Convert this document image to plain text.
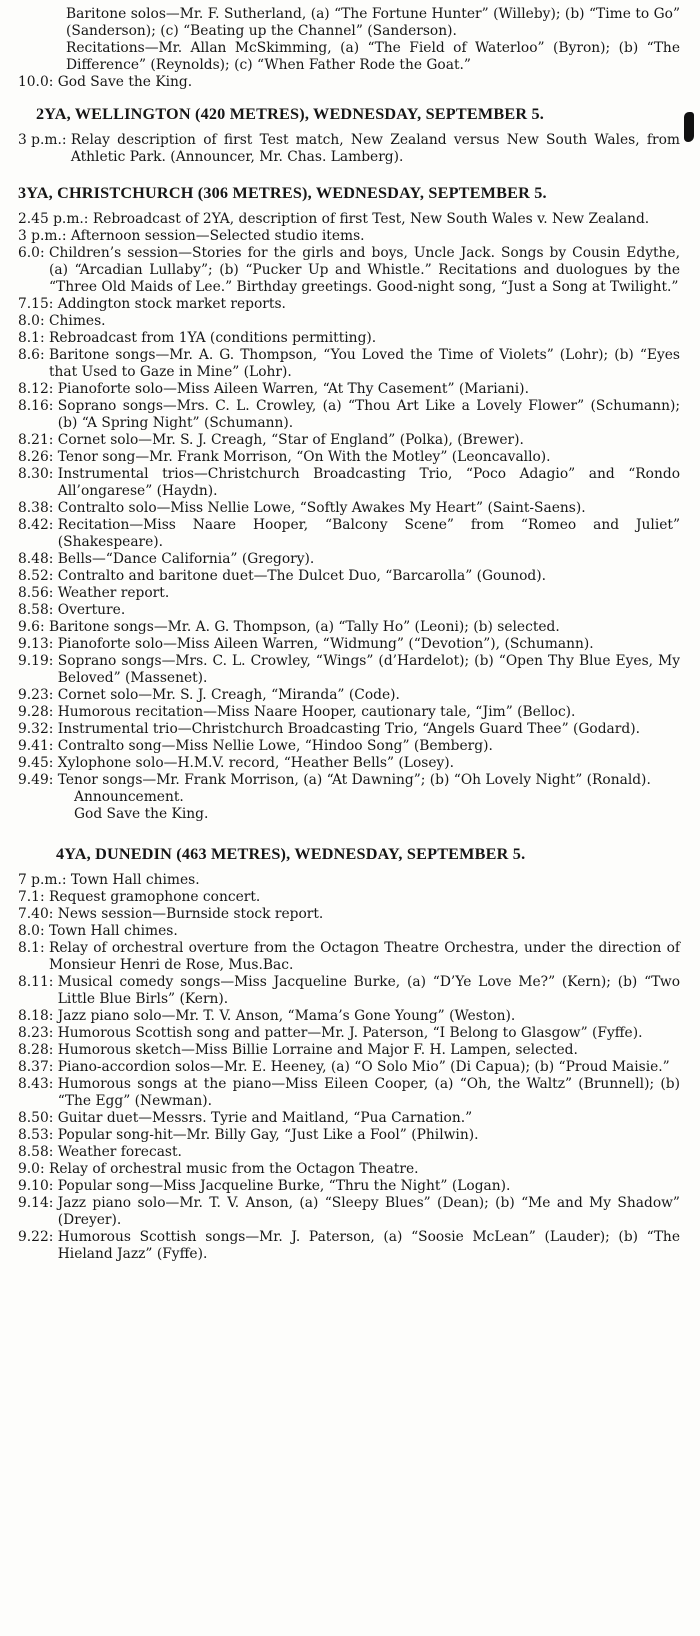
Baritone solos—Mr. F. Sutherland, (a) “The Fortune Hunter” (Willeby); (b) “Time to Go” (Sanderson); (c) “Beating up the Channel” (Sanderson).
Recitations—Mr. Allan McSkimming, (a) “The Field of Waterloo” (Byron); (b) “The Difference” (Reynolds); (c) “When Father Rode the Goat.”
10.0: God Save the King.
2YA, WELLINGTON (420 METRES), WEDNESDAY, SEPTEMBER 5.
3 p.m.: Relay description of first Test match, New Zealand versus New South Wales, from Athletic Park. (Announcer, Mr. Chas. Lamberg).
3YA, CHRISTCHURCH (306 METRES), WEDNESDAY, SEPTEMBER 5.
2.45 p.m.: Rebroadcast of 2YA, description of first Test, New South Wales v. New Zealand.
3 p.m.: Afternoon session—Selected studio items.
6.0: Children’s session—Stories for the girls and boys, Uncle Jack. Songs by Cousin Edythe, (a) “Arcadian Lullaby”; (b) “Pucker Up and Whistle.” Recitations and duologues by the “Three Old Maids of Lee.” Birthday greetings. Good-night song, “Just a Song at Twilight.”
7.15: Addington stock market reports.
8.0: Chimes.
8.1: Rebroadcast from 1YA (conditions permitting).
8.6: Baritone songs—Mr. A. G. Thompson, “You Loved the Time of Violets” (Lohr); (b) “Eyes that Used to Gaze in Mine” (Lohr).
8.12: Pianoforte solo—Miss Aileen Warren, “At Thy Casement” (Mariani).
8.16: Soprano songs—Mrs. C. L. Crowley, (a) “Thou Art Like a Lovely Flower” (Schumann); (b) “A Spring Night” (Schumann).
8.21: Cornet solo—Mr. S. J. Creagh, “Star of England” (Polka), (Brewer).
8.26: Tenor song—Mr. Frank Morrison, “On With the Motley” (Leoncavallo).
8.30: Instrumental trios—Christchurch Broadcasting Trio, “Poco Adagio” and “Rondo All’ongarese” (Haydn).
8.38: Contralto solo—Miss Nellie Lowe, “Softly Awakes My Heart” (Saint-Saens).
8.42: Recitation—Miss Naare Hooper, “Balcony Scene” from “Romeo and Juliet” (Shakespeare).
8.48: Bells—“Dance California” (Gregory).
8.52: Contralto and baritone duet—The Dulcet Duo, “Barcarolla” (Gounod).
8.56: Weather report.
8.58: Overture.
9.6: Baritone songs—Mr. A. G. Thompson, (a) “Tally Ho” (Leoni); (b) selected.
9.13: Pianoforte solo—Miss Aileen Warren, “Widmung” (“Devotion”), (Schumann).
9.19: Soprano songs—Mrs. C. L. Crowley, “Wings” (d’Hardelot); (b) “Open Thy Blue Eyes, My Beloved” (Massenet).
9.23: Cornet solo—Mr. S. J. Creagh, “Miranda” (Code).
9.28: Humorous recitation—Miss Naare Hooper, cautionary tale, “Jim” (Belloc).
9.32: Instrumental trio—Christchurch Broadcasting Trio, “Angels Guard Thee” (Godard).
9.41: Contralto song—Miss Nellie Lowe, “Hindoo Song” (Bemberg).
9.45: Xylophone solo—H.M.V. record, “Heather Bells” (Losey).
9.49: Tenor songs—Mr. Frank Morrison, (a) “At Dawning”; (b) “Oh Lovely Night” (Ronald).
Announcement.
God Save the King.
4YA, DUNEDIN (463 METRES), WEDNESDAY, SEPTEMBER 5.
7 p.m.: Town Hall chimes.
7.1: Request gramophone concert.
7.40: News session—Burnside stock report.
8.0: Town Hall chimes.
8.1: Relay of orchestral overture from the Octagon Theatre Orchestra, under the direction of Monsieur Henri de Rose, Mus.Bac.
8.11: Musical comedy songs—Miss Jacqueline Burke, (a) “D’Ye Love Me?” (Kern); (b) “Two Little Blue Birls” (Kern).
8.18: Jazz piano solo—Mr. T. V. Anson, “Mama’s Gone Young” (Weston).
8.23: Humorous Scottish song and patter—Mr. J. Paterson, “I Belong to Glasgow” (Fyffe).
8.28: Humorous sketch—Miss Billie Lorraine and Major F. H. Lampen, selected.
8.37: Piano-accordion solos—Mr. E. Heeney, (a) “O Solo Mio” (Di Capua); (b) “Proud Maisie.”
8.43: Humorous songs at the piano—Miss Eileen Cooper, (a) “Oh, the Waltz” (Brunnell); (b) “The Egg” (Newman).
8.50: Guitar duet—Messrs. Tyrie and Maitland, “Pua Carnation.”
8.53: Popular song-hit—Mr. Billy Gay, “Just Like a Fool” (Philwin).
8.58: Weather forecast.
9.0: Relay of orchestral music from the Octagon Theatre.
9.10: Popular song—Miss Jacqueline Burke, “Thru the Night” (Logan).
9.14: Jazz piano solo—Mr. T. V. Anson, (a) “Sleepy Blues” (Dean); (b) “Me and My Shadow” (Dreyer).
9.22: Humorous Scottish songs—Mr. J. Paterson, (a) “Soosie McLean” (Lauder); (b) “The Hieland Jazz” (Fyffe).
